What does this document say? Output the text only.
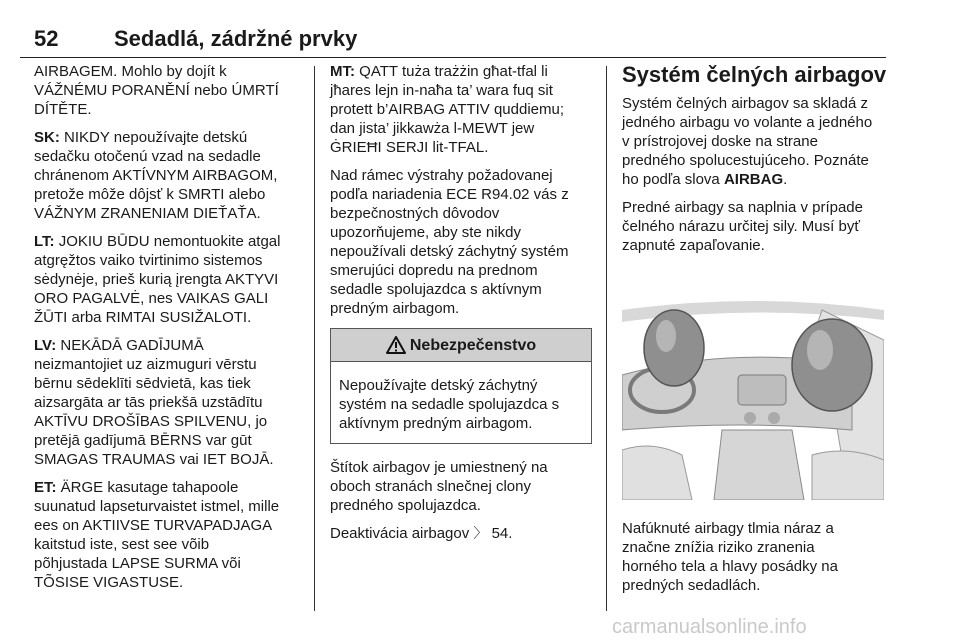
52	Sedadlá, zádržné prvky

AIRBAGEM. Mohlo by dojít k
VÁŽNÉMU PORANĚNÍ nebo ÚMRTÍ
DÍTĚTE.

SK: NIKDY nepoužívajte detskú
sedačku otočenú vzad na sedadle
chránenom AKTÍVNYM AIRBAGOM,
pretože môže dôjsť k SMRTI alebo
VÁŽNYM ZRANENIAM DIEŤAŤA.

LT: JOKIU BŪDU nemontuokite atgal
atgręžtos vaiko tvirtinimo sistemos
sėdynėje, prieš kurią įrengta AKTYVI
ORO PAGALVĖ, nes VAIKAS GALI
ŽŪTI arba RIMTAI SUSIŽALOTI.

LV: NEKĀDĀ GADĪJUMĀ
neizmantojiet uz aizmuguri vērstu
bērnu sēdeklīti sēdvietā, kas tiek
aizsargāta ar tās priekšā uzstādītu
AKTĪVU DROŠĪBAS SPILVENU, jo
pretējā gadījumā BĒRNS var gūt
SMAGAS TRAUMAS vai IET BOJĀ.

ET: ÄRGE kasutage tahapoole
suunatud lapseturvaistet istmel, mille
ees on AKTIIVSE TURVAPADJAGA
kaitstud iste, sest see võib
põhjustada LAPSE SURMA või
TÕSISE VIGASTUSE.

MT: QATT tuża trażżin għat-tfal li
jħares lejn in-naħa ta’ wara fuq sit
protett b’AIRBAG ATTIV quddiemu;
dan jista’ jikkawża l-MEWT jew
ĠRIEĦI SERJI lit-TFAL.

Nad rámec výstrahy požadovanej
podľa nariadenia ECE R94.02 vás z
bezpečnostných dôvodov
upozorňujeme, aby ste nikdy
nepoužívali detský záchytný systém
smerujúci dopredu na prednom
sedadle spolujazdca s aktívnym
predným airbagom.

Nebezpečenstvo
Nepoužívajte detský záchytný
systém na sedadle spolujazdca s
aktívnym predným airbagom.

Štítok airbagov je umiestnený na
oboch stranách slnečnej clony
predného spolujazdca.

Deaktivácia airbagov 〉 54.

Systém čelných airbagov

Systém čelných airbagov sa skladá z
jedného airbagu vo volante a jedného
v prístrojovej doske na strane
predného spolucestujúceho. Poznáte
ho podľa slova AIRBAG.

Predné airbagy sa naplnia v prípade
čelného nárazu určitej sily. Musí byť
zapnuté zapaľovanie.

Nafúknuté airbagy tlmia náraz a
značne znížia riziko zranenia
horného tela a hlavy posádky na
predných sedadlách.

carmanualsonline.info
